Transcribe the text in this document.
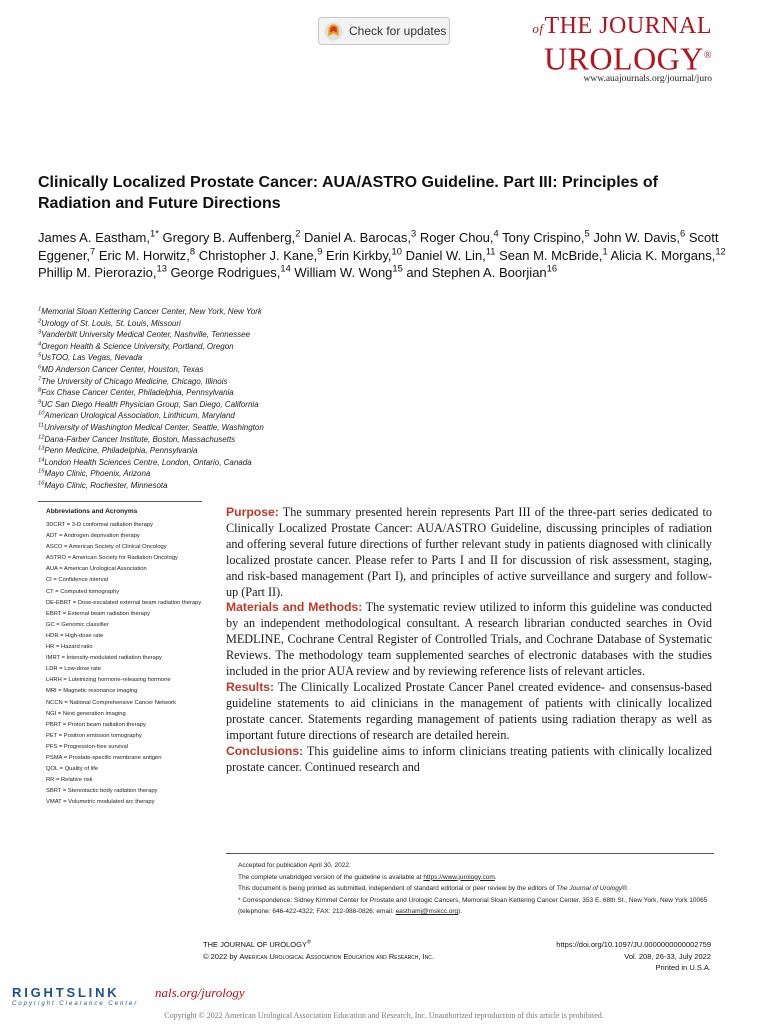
Check for updates	ofTHE JOURNAL
UROLOGY®
www.auajournals.org/journal/juro
Clinically Localized Prostate Cancer: AUA/ASTRO Guideline. Part III: Principles of Radiation and Future Directions
James A. Eastham,$^{1*}$ Gregory B. Auffenberg,$^2$ Daniel A. Barocas,$^3$ Roger Chou,$^4$ Tony Crispino,$^5$ John W. Davis,$^6$ Scott Eggener,$^7$ Eric M. Horwitz,$^8$ Christopher J. Kane,$^9$ Erin Kirkby,$^{10}$ Daniel W. Lin,$^{11}$ Sean M. McBride,$^1$ Alicia K. Morgans,$^{12}$ Phillip M. Pierorazio,$^{13}$ George Rodrigues,$^{14}$ William W. Wong$^{15}$ and Stephen A. Boorjian$^{16}$
$^1$Memorial Sloan Kettering Cancer Center, New York, New York
$^2$Urology of St. Louis, St. Louis, Missouri
$^3$Vanderbilt University Medical Center, Nashville, Tennessee
$^4$Oregon Health & Science University, Portland, Oregon
$^5$UsTOO, Las Vegas, Nevada
$^6$MD Anderson Cancer Center, Houston, Texas
$^7$The University of Chicago Medicine, Chicago, Illinois
$^8$Fox Chase Cancer Center, Philadelphia, Pennsylvania
$^9$UC San Diego Health Physician Group, San Diego, California
$^{10}$American Urological Association, Linthicum, Maryland
$^{11}$University of Washington Medical Center, Seattle, Washington
$^{12}$Dana-Farber Cancer Institute, Boston, Massachusetts
$^{13}$Penn Medicine, Philadelphia, Pennsylvania
$^{14}$London Health Sciences Centre, London, Ontario, Canada
$^{15}$Mayo Clinic, Phoenix, Arizona
$^{16}$Mayo Clinic, Rochester, Minnesota
Abbreviations and Acronyms
3DCRT = 3-D conformal radiation therapy
ADT = Androgen deprivation therapy
ASCO = American Society of Clinical Oncology
ASTRO = American Society for Radiation Oncology
AUA = American Urological Association
CI = Confidence interval
CT = Computed tomography
DE-EBRT = Dose-escalated external beam radiation therapy
EBRT = External beam radiation therapy
GC = Genomic classifier
HDR = High-dose rate
HR = Hazard ratio
IMRT = Intensity-modulated radiation therapy
LDR = Low-dose rate
LHRH = Luteinizing hormone-releasing hormone
MRI = Magnetic resonance imaging
NCCN = National Comprehensive Cancer Network
NGI = Next generation imaging
PBRT = Proton beam radiation therapy
PET = Positron emission tomography
PFS = Progression-free survival
PSMA = Prostate-specific membrane antigen
QOL = Quality of life
RR = Relative risk
SBRT = Stereotactic body radiation therapy
VMAT = Volumetric modulated arc therapy

Purpose: The summary presented herein represents Part III of the three-part series dedicated to Clinically Localized Prostate Cancer: AUA/ASTRO Guideline, discussing principles of radiation and offering several future directions of further relevant study in patients diagnosed with clinically localized prostate cancer. Please refer to Parts I and II for discussion of risk assessment, staging, and risk-based management (Part I), and principles of active surveillance and surgery and follow-up (Part II).

Materials and Methods: The systematic review utilized to inform this guideline was conducted by an independent methodological consultant. A research librarian conducted searches in Ovid MEDLINE, Cochrane Central Register of Controlled Trials, and Cochrane Database of Systematic Reviews. The methodology team supplemented searches of electronic databases with the studies included in the prior AUA review and by reviewing reference lists of relevant articles.

Results: The Clinically Localized Prostate Cancer Panel created evidence- and consensus-based guideline statements to aid clinicians in the management of patients with clinically localized prostate cancer. Statements regarding management of patients using radiation therapy as well as important future directions of research are detailed herein.

Conclusions: This guideline aims to inform clinicians treating patients with clinically localized prostate cancer. Continued research and

Accepted for publication April 30, 2022.
The complete unabridged version of the guideline is available at https://www.jurology.com.
This document is being printed as submitted, independent of standard editorial or peer review by the editors of The Journal of Urology®.
* Correspondence: Sidney Kimmel Center for Prostate and Urologic Cancers, Memorial Sloan Kettering Cancer Center, 353 E. 68th St., New York, New York 10065 (telephone: 646-422-4322; FAX: 212-988-0826; email: easthamj@mskcc.org).
THE JOURNAL OF UROLOGY®
© 2022 by American Urological Association Education and Research, Inc.
https://doi.org/10.1097/JU.0000000000002759
Vol. 208, 26-33, July 2022
Printed in U.S.A.
RIGHTSLINK
Copyright Clearance Center
nals.org/jurology
Copyright © 2022 American Urological Association Education and Research, Inc. Unauthorized reproduction of this article is prohibited.
